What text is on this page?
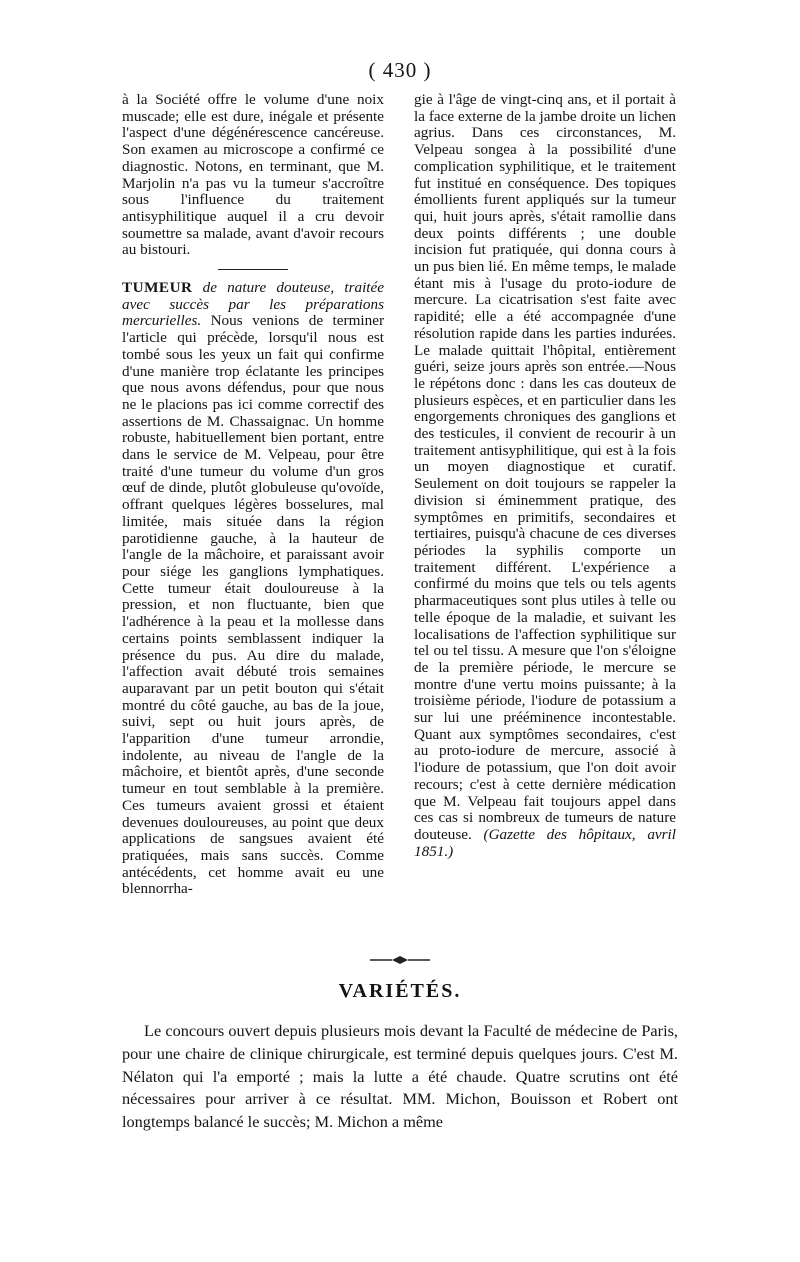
( 430 )

à la Société offre le volume d'une noix muscade; elle est dure, inégale et présente l'aspect d'une dégénérescence cancéreuse. Son examen au microscope a confirmé ce diagnostic. Notons, en terminant, que M. Marjolin n'a pas vu la tumeur s'accroître sous l'influence du traitement antisyphilitique auquel il a cru devoir soumettre sa malade, avant d'avoir recours au bistouri.

TUMEUR de nature douteuse, traitée avec succès par les préparations mercurielles. Nous venions de terminer l'article qui précède, lorsqu'il nous est tombé sous les yeux un fait qui confirme d'une manière trop éclatante les principes que nous avons défendus, pour que nous ne le placions pas ici comme correctif des assertions de M. Chassaignac. Un homme robuste, habituellement bien portant, entre dans le service de M. Velpeau, pour être traité d'une tumeur du volume d'un gros œuf de dinde, plutôt globuleuse qu'ovoïde, offrant quelques légères bosselures, mal limitée, mais située dans la région parotidienne gauche, à la hauteur de l'angle de la mâchoire, et paraissant avoir pour siége les ganglions lymphatiques. Cette tumeur était douloureuse à la pression, et non fluctuante, bien que l'adhérence à la peau et la mollesse dans certains points semblassent indiquer la présence du pus. Au dire du malade, l'affection avait débuté trois semaines auparavant par un petit bouton qui s'était montré du côté gauche, au bas de la joue, suivi, sept ou huit jours après, de l'apparition d'une tumeur arrondie, indolente, au niveau de l'angle de la mâchoire, et bientôt après, d'une seconde tumeur en tout semblable à la première. Ces tumeurs avaient grossi et étaient devenues douloureuses, au point que deux applications de sangsues avaient été pratiquées, mais sans succès. Comme antécédents, cet homme avait eu une blennorrha-

gie à l'âge de vingt-cinq ans, et il portait à la face externe de la jambe droite un lichen agrius. Dans ces circonstances, M. Velpeau songea à la possibilité d'une complication syphilitique, et le traitement fut institué en conséquence. Des topiques émollients furent appliqués sur la tumeur qui, huit jours après, s'était ramollie dans deux points différents ; une double incision fut pratiquée, qui donna cours à un pus bien lié. En même temps, le malade étant mis à l'usage du proto-iodure de mercure. La cicatrisation s'est faite avec rapidité; elle a été accompagnée d'une résolution rapide dans les parties indurées. Le malade quittait l'hôpital, entièrement guéri, seize jours après son entrée.—Nous le répétons donc : dans les cas douteux de plusieurs espèces, et en particulier dans les engorgements chroniques des ganglions et des testicules, il convient de recourir à un traitement antisyphilitique, qui est à la fois un moyen diagnostique et curatif. Seulement on doit toujours se rappeler la division si éminemment pratique, des symptômes en primitifs, secondaires et tertiaires, puisqu'à chacune de ces diverses périodes la syphilis comporte un traitement différent. L'expérience a confirmé du moins que tels ou tels agents pharmaceutiques sont plus utiles à telle ou telle époque de la maladie, et suivant les localisations de l'affection syphilitique sur tel ou tel tissu. A mesure que l'on s'éloigne de la première période, le mercure se montre d'une vertu moins puissante; à la troisième période, l'iodure de potassium a sur lui une prééminence incontestable. Quant aux symptômes secondaires, c'est au proto-iodure de mercure, associé à l'iodure de potassium, que l'on doit avoir recours; c'est à cette dernière médication que M. Velpeau fait toujours appel dans ces cas si nombreux de tumeurs de nature douteuse. (Gazette des hôpitaux, avril 1851.)

VARIÉTÉS.

Le concours ouvert depuis plusieurs mois devant la Faculté de médecine de Paris, pour une chaire de clinique chirurgicale, est terminé depuis quelques jours. C'est M. Nélaton qui l'a emporté ; mais la lutte a été chaude. Quatre scrutins ont été nécessaires pour arriver à ce résultat. MM. Michon, Bouisson et Robert ont longtemps balancé le succès; M. Michon a même
